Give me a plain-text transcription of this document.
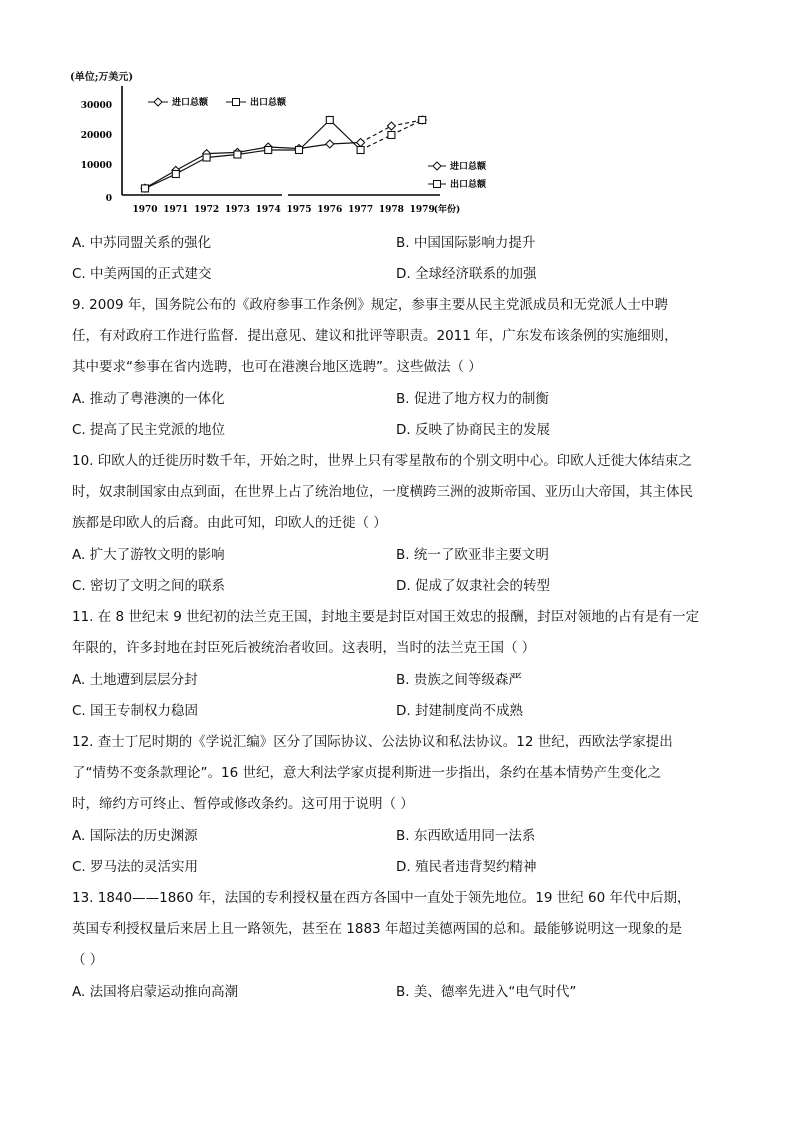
(单位;万美元)
30000
20000
10000
0
1970 1971 1972 1973 1974 1975 1976 1977 1978 1979 (年份)
进口总额	出口总额
进口总额
出口总额
A. 中苏同盟关系的强化	B. 中国国际影响力提升
C. 中美两国的正式建交	D. 全球经济联系的加强
9. 2009 年，国务院公布的《政府参事工作条例》规定，参事主要从民主党派成员和无党派人士中聘
任，有对政府工作进行监督．提出意见、建议和批评等职责。2011 年，广东发布该条例的实施细则，
其中要求“参事在省内选聘，也可在港澳台地区选聘”。这些做法（ ）
A. 推动了粤港澳的一体化	B. 促进了地方权力的制衡
C. 提高了民主党派的地位	D. 反映了协商民主的发展
10. 印欧人的迁徙历时数千年，开始之时，世界上只有零星散布的个别文明中心。印欧人迁徙大体结束之
时，奴隶制国家由点到面，在世界上占了统治地位，一度横跨三洲的波斯帝国、亚历山大帝国，其主体民
族都是印欧人的后裔。由此可知，印欧人的迁徙（ ）
A. 扩大了游牧文明的影响	B. 统一了欧亚非主要文明
C. 密切了文明之间的联系	D. 促成了奴隶社会的转型
11. 在 8 世纪末 9 世纪初的法兰克王国，封地主要是封臣对国王效忠的报酬，封臣对领地的占有是有一定
年限的，许多封地在封臣死后被统治者收回。这表明，当时的法兰克王国（ ）
A. 土地遭到层层分封	B. 贵族之间等级森严
C. 国王专制权力稳固	D. 封建制度尚不成熟
12. 查士丁尼时期的《学说汇编》区分了国际协议、公法协议和私法协议。12 世纪，西欧法学家提出
了“情势不变条款理论”。16 世纪，意大利法学家贞提利斯进一步指出，条约在基本情势产生变化之
时，缔约方可终止、暂停或修改条约。这可用于说明（ ）
A. 国际法的历史渊源	B. 东西欧适用同一法系
C. 罗马法的灵活实用	D. 殖民者违背契约精神
13. 1840——1860 年，法国的专利授权量在西方各国中一直处于领先地位。19 世纪 60 年代中后期，
英国专利授权量后来居上且一路领先，甚至在 1883 年超过美德两国的总和。最能够说明这一现象的是
（ ）
A. 法国将启蒙运动推向高潮	B. 美、德率先进入“电气时代”
